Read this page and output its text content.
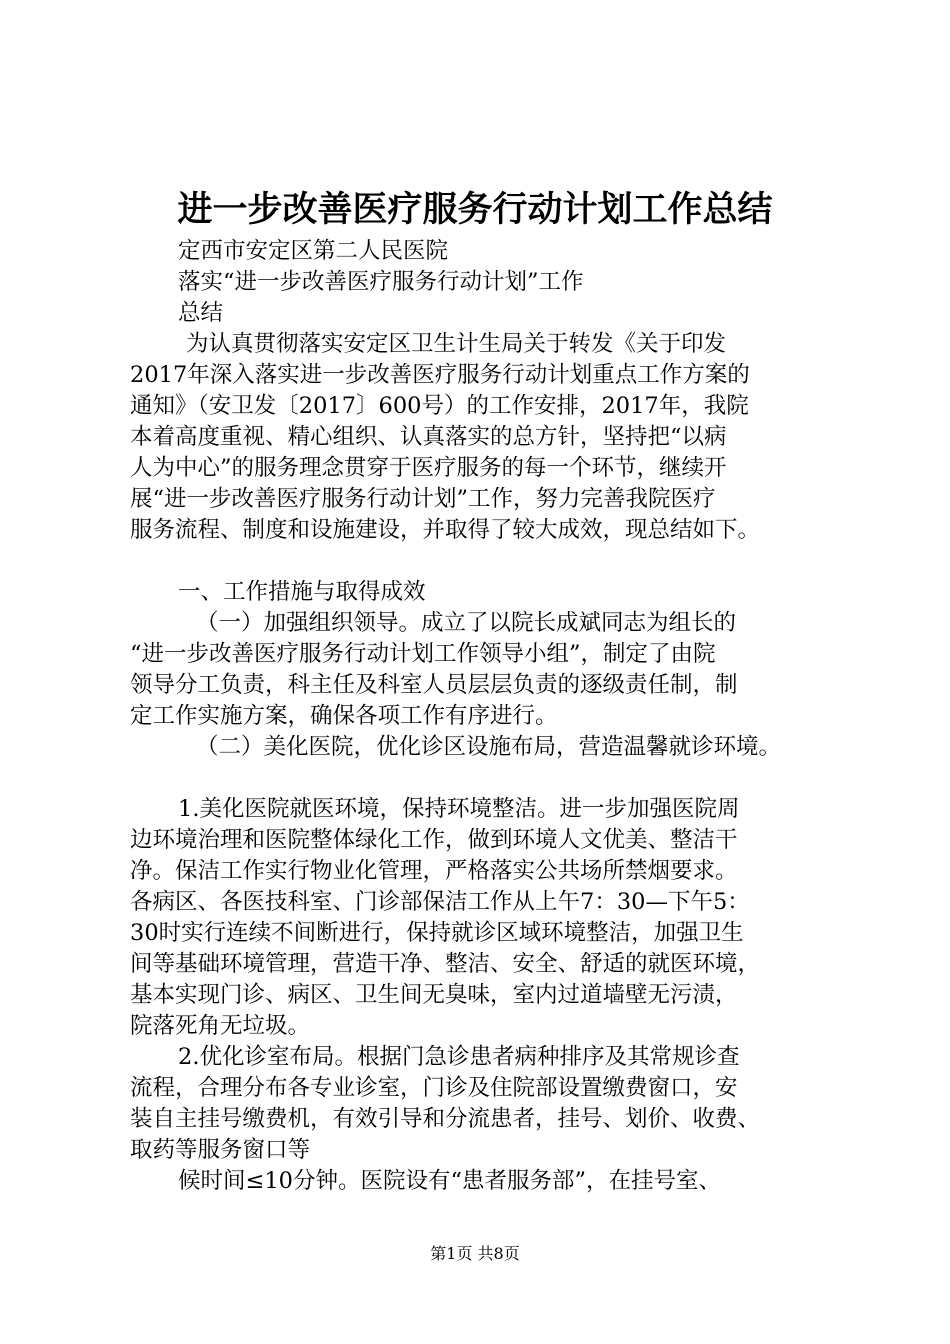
进一步改善医疗服务行动计划工作总结
定西市安定区第二人民医院
落实“进一步改善医疗服务行动计划”工作
总结
为认真贯彻落实安定区卫生计生局关于转发《关于印发
2017年深入落实进一步改善医疗服务行动计划重点工作方案的
通知》（安卫发〔2017〕600号）的工作安排，2017年，我院
本着高度重视、精心组织、认真落实的总方针，坚持把“以病
人为中心”的服务理念贯穿于医疗服务的每一个环节，继续开
展“进一步改善医疗服务行动计划”工作，努力完善我院医疗
服务流程、制度和设施建设，并取得了较大成效，现总结如下。
一、工作措施与取得成效
（一）加强组织领导。成立了以院长成斌同志为组长的
“进一步改善医疗服务行动计划工作领导小组”，制定了由院
领导分工负责，科主任及科室人员层层负责的逐级责任制，制
定工作实施方案，确保各项工作有序进行。
（二）美化医院，优化诊区设施布局，营造温馨就诊环境。
1.美化医院就医环境，保持环境整洁。进一步加强医院周
边环境治理和医院整体绿化工作，做到环境人文优美、整洁干
净。保洁工作实行物业化管理，严格落实公共场所禁烟要求。
各病区、各医技科室、门诊部保洁工作从上午7：30—下午5：
30时实行连续不间断进行，保持就诊区域环境整洁，加强卫生
间等基础环境管理，营造干净、整洁、安全、舒适的就医环境，
基本实现门诊、病区、卫生间无臭味，室内过道墙壁无污渍，
院落死角无垃圾。
2.优化诊室布局。根据门急诊患者病种排序及其常规诊查
流程，合理分布各专业诊室，门诊及住院部设置缴费窗口，安
装自主挂号缴费机，有效引导和分流患者，挂号、划价、收费、
取药等服务窗口等
候时间≤10分钟。医院设有“患者服务部”，在挂号室、
第1页 共8页
